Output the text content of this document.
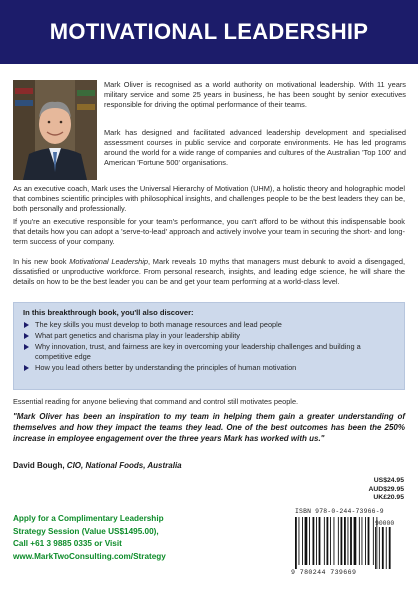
MOTIVATIONAL LEADERSHIP

Mark Oliver is recognised as a world authority on motivational leadership. With 11 years military service and some 25 years in business, he has been sought by senior executives responsible for driving the optimal performance of their teams.

Mark has designed and facilitated advanced leadership development and specialised assessment courses in public service and corporate environments. He has led programs around the world for a wide range of companies and cultures of the Australian 'Top 100' and American 'Fortune 500' organisations.

As an executive coach, Mark uses the Universal Hierarchy of Motivation (UHM), a holistic theory and holographic model that combines scientific principles with philosophical insights, and challenges people to be the best leaders they can be, both personally and professionally.

If you're an executive responsible for your team's performance, you can't afford to be without this indispensable book that details how you can adopt a 'serve-to-lead' approach and actively involve your team in securing the short- and long-term success of your company.

In his new book Motivational Leadership, Mark reveals 10 myths that managers must debunk to avoid a disengaged, dissatisfied or unproductive workforce. From personal research, insights, and leading edge science, he will share the details on how to be the best leader you can be and get your team performing at a world-class level.

In this breakthrough book, you'll also discover:
The key skills you must develop to both manage resources and lead people
What part genetics and charisma play in your leadership ability
Why innovation, trust, and fairness are key in overcoming your leadership challenges and building a competitive edge
How you lead others better by understanding the principles of human motivation

Essential reading for anyone believing that command and control still motivates people.

"Mark Oliver has been an inspiration to my team in helping them gain a greater understanding of themselves and how they impact the teams they lead. One of the best outcomes has been the 250% increase in employee engagement over the three years Mark has worked with us."

David Bough, CIO, National Foods, Australia

US$24.95
AUD$29.95
UK£20.95
Apply for a Complimentary Leadership
Strategy Session (Value US$1495.00),
Call +61 3 9885 0335 or Visit
www.MarkTwoConsulting.com/Strategy
ISBN 978-0-244-73966-9
90000
9 780244 739669
